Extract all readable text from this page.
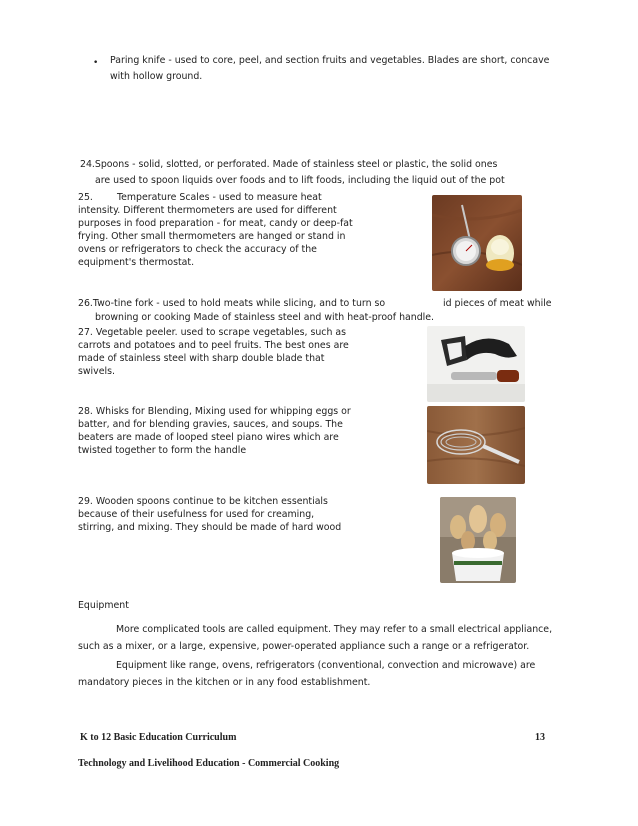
• Paring knife - used to core, peel, and section fruits and vegetables. Blades are short, concave
with hollow ground.
24.Spoons - solid, slotted, or perforated. Made of stainless steel or plastic, the solid ones
are used to spoon liquids over foods and to lift foods, including the liquid out of the pot
25.	Temperature Scales - used to measure heat
intensity. Different thermometers are used for different
purposes in food preparation - for meat, candy or deep-fat
frying. Other small thermometers are hanged or stand in
ovens or refrigerators to check the accuracy of the
equipment's thermostat.
26.Two-tine fork - used to hold meats while slicing, and to turn so	id pieces of meat while
browning or cooking Made of stainless steel and with heat-proof handle.
27. Vegetable peeler. used to scrape vegetables, such as
carrots and potatoes and to peel fruits. The best ones are
made of stainless steel with sharp double blade that
swivels.
28. Whisks for Blending, Mixing used for whipping eggs or
batter, and for blending gravies, sauces, and soups. The
beaters are made of looped steel piano wires which are
twisted together to form the handle
29. Wooden spoons continue to be kitchen essentials
because of their usefulness for used for creaming,
stirring, and mixing. They should be made of hard wood
Equipment
More complicated tools are called equipment. They may refer to a small electrical appliance,
such as a mixer, or a large, expensive, power-operated appliance such a range or a refrigerator.
Equipment like range, ovens, refrigerators (conventional, convection and microwave) are
mandatory pieces in the kitchen or in any food establishment.
K to 12 Basic Education Curriculum	13
Technology and Livelihood Education - Commercial Cooking
